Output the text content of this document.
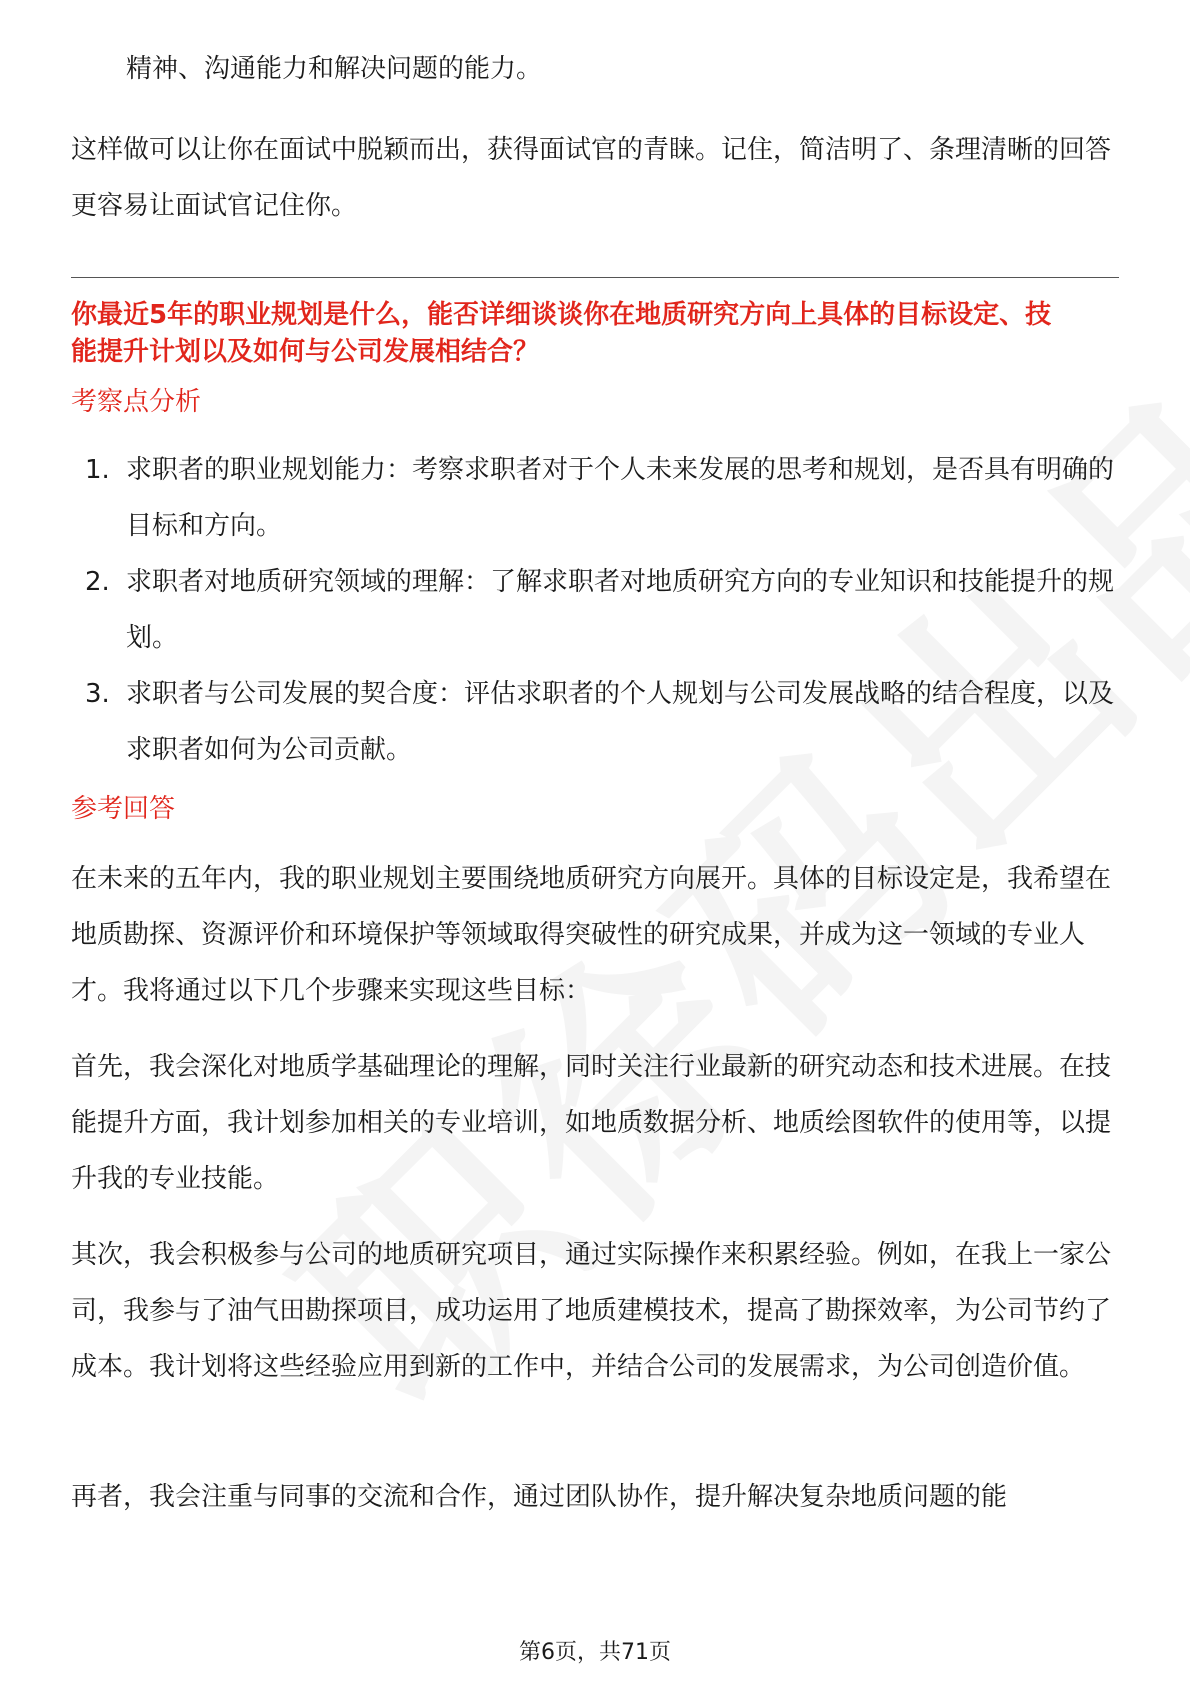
精神、沟通能力和解决问题的能力。

这样做可以让你在面试中脱颖而出，获得面试官的青睐。记住，简洁明了、条理清晰的回答更容易让面试官记住你。

你最近5年的职业规划是什么，能否详细谈谈你在地质研究方向上具体的目标设定、技能提升计划以及如何与公司发展相结合？

考察点分析

1. 求职者的职业规划能力：考察求职者对于个人未来发展的思考和规划，是否具有明确的目标和方向。
2. 求职者对地质研究领域的理解：了解求职者对地质研究方向的专业知识和技能提升的规划。
3. 求职者与公司发展的契合度：评估求职者的个人规划与公司发展战略的结合程度，以及求职者如何为公司贡献。

参考回答

在未来的五年内，我的职业规划主要围绕地质研究方向展开。具体的目标设定是，我希望在地质勘探、资源评价和环境保护等领域取得突破性的研究成果，并成为这一领域的专业人才。我将通过以下几个步骤来实现这些目标：

首先，我会深化对地质学基础理论的理解，同时关注行业最新的研究动态和技术进展。在技能提升方面，我计划参加相关的专业培训，如地质数据分析、地质绘图软件的使用等，以提升我的专业技能。

其次，我会积极参与公司的地质研究项目，通过实际操作来积累经验。例如，在我上一家公司，我参与了油气田勘探项目，成功运用了地质建模技术，提高了勘探效率，为公司节约了成本。我计划将这些经验应用到新的工作中，并结合公司的发展需求，为公司创造价值。

再者，我会注重与同事的交流和合作，通过团队协作，提升解决复杂地质问题的能

第6页，共71页
